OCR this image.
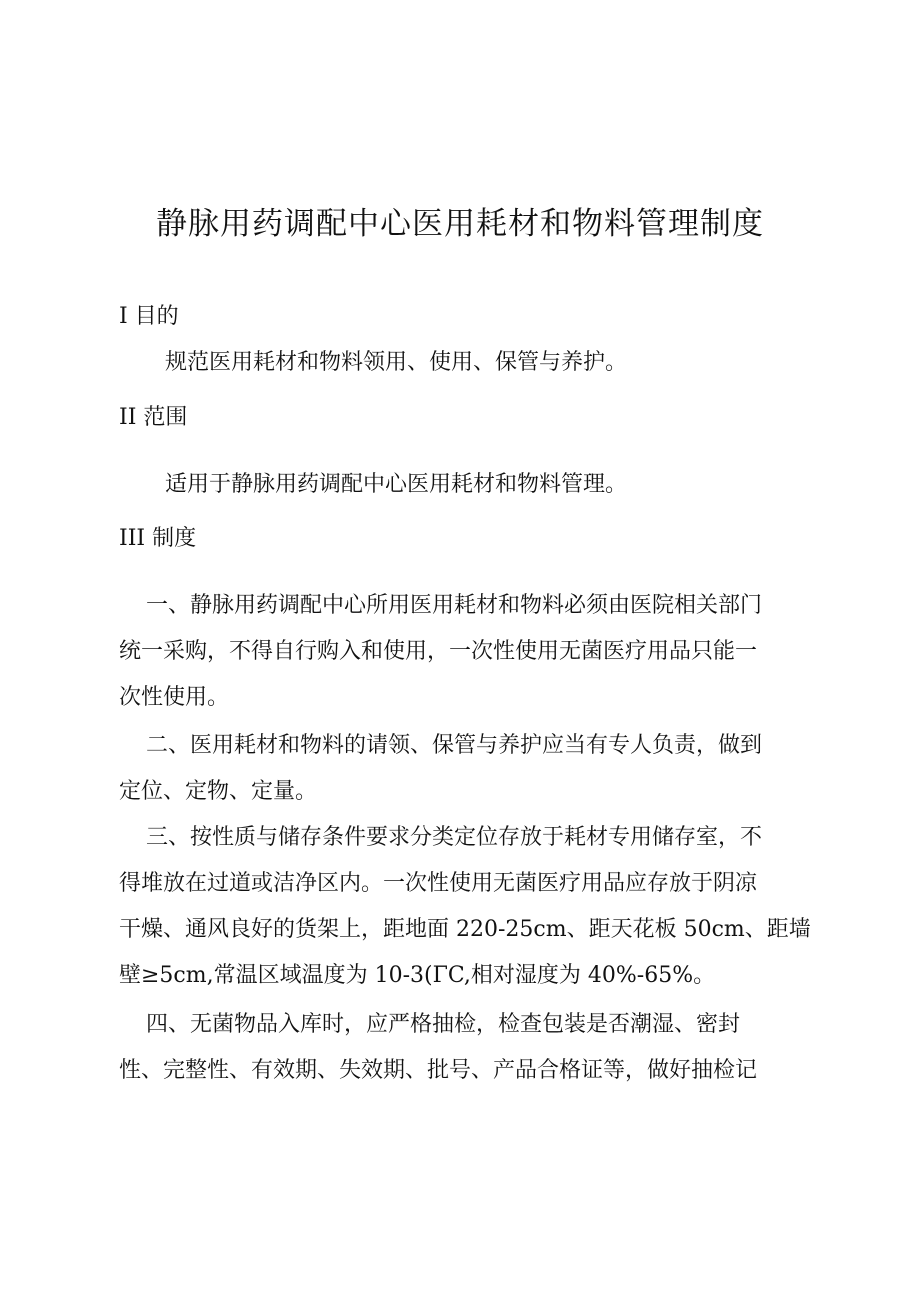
静脉用药调配中心医用耗材和物料管理制度
I 目的
规范医用耗材和物料领用、使用、保管与养护。
II 范围
适用于静脉用药调配中心医用耗材和物料管理。
III 制度
一、静脉用药调配中心所用医用耗材和物料必须由医院相关部门
统一采购，不得自行购入和使用，一次性使用无菌医疗用品只能一
次性使用。
二、医用耗材和物料的请领、保管与养护应当有专人负责，做到
定位、定物、定量。
三、按性质与储存条件要求分类定位存放于耗材专用储存室，不
得堆放在过道或洁净区内。一次性使用无菌医疗用品应存放于阴凉
干燥、通风良好的货架上，距地面 220-25cm、距天花板 50cm、距墙
壁≥5cm,常温区域温度为 10-3(ΓC,相对湿度为 40%-65%。
四、无菌物品入库时，应严格抽检，检查包装是否潮湿、密封
性、完整性、有效期、失效期、批号、产品合格证等，做好抽检记
